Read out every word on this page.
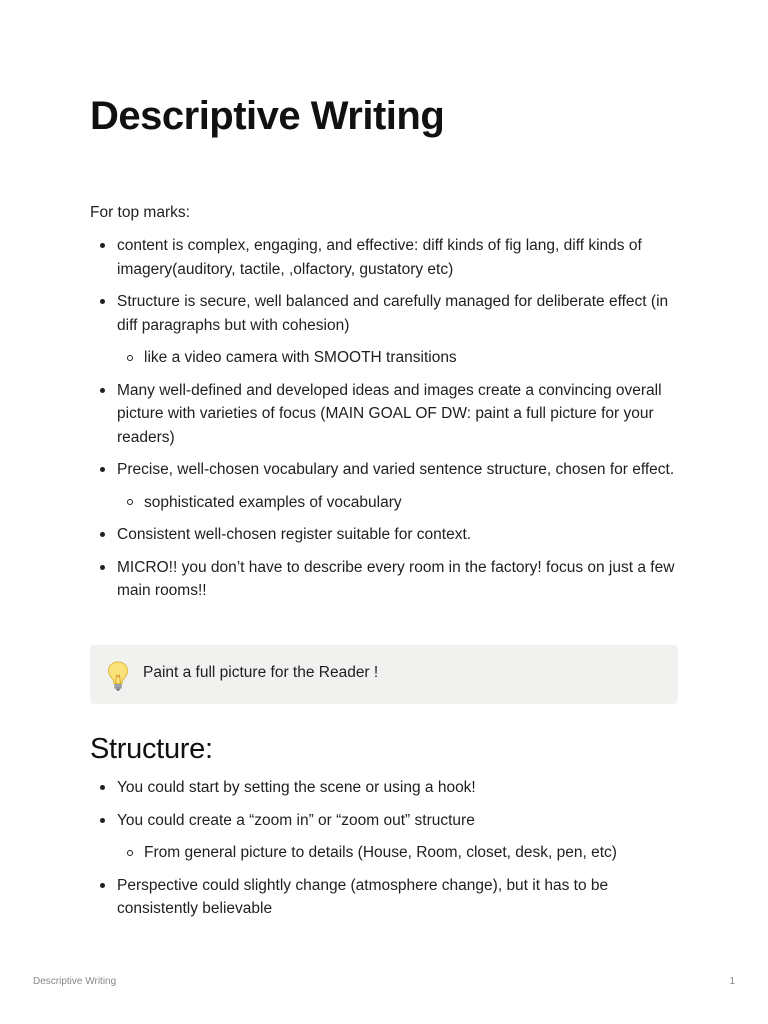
Descriptive Writing

For top marks:

content is complex, engaging, and effective: diff kinds of fig lang, diff kinds of imagery(auditory, tactile, ,olfactory, gustatory etc)
Structure is secure, well balanced and carefully managed for deliberate effect (in diff paragraphs but with cohesion)
like a video camera with SMOOTH transitions
Many well-defined and developed ideas and images create a convincing overall picture with varieties of focus (MAIN GOAL OF DW: paint a full picture for your readers)
Precise, well-chosen vocabulary and varied sentence structure, chosen for effect.
sophisticated examples of vocabulary
Consistent well-chosen register suitable for context.
MICRO!! you don’t have to describe every room in the factory! focus on just a few main rooms!!
Paint a full picture for the Reader !
Structure:
You could start by setting the scene or using a hook!
You could create a “zoom in” or “zoom out” structure
From general picture to details (House, Room, closet, desk, pen, etc)
Perspective could slightly change (atmosphere change), but it has to be consistently believable
Descriptive Writing	1
